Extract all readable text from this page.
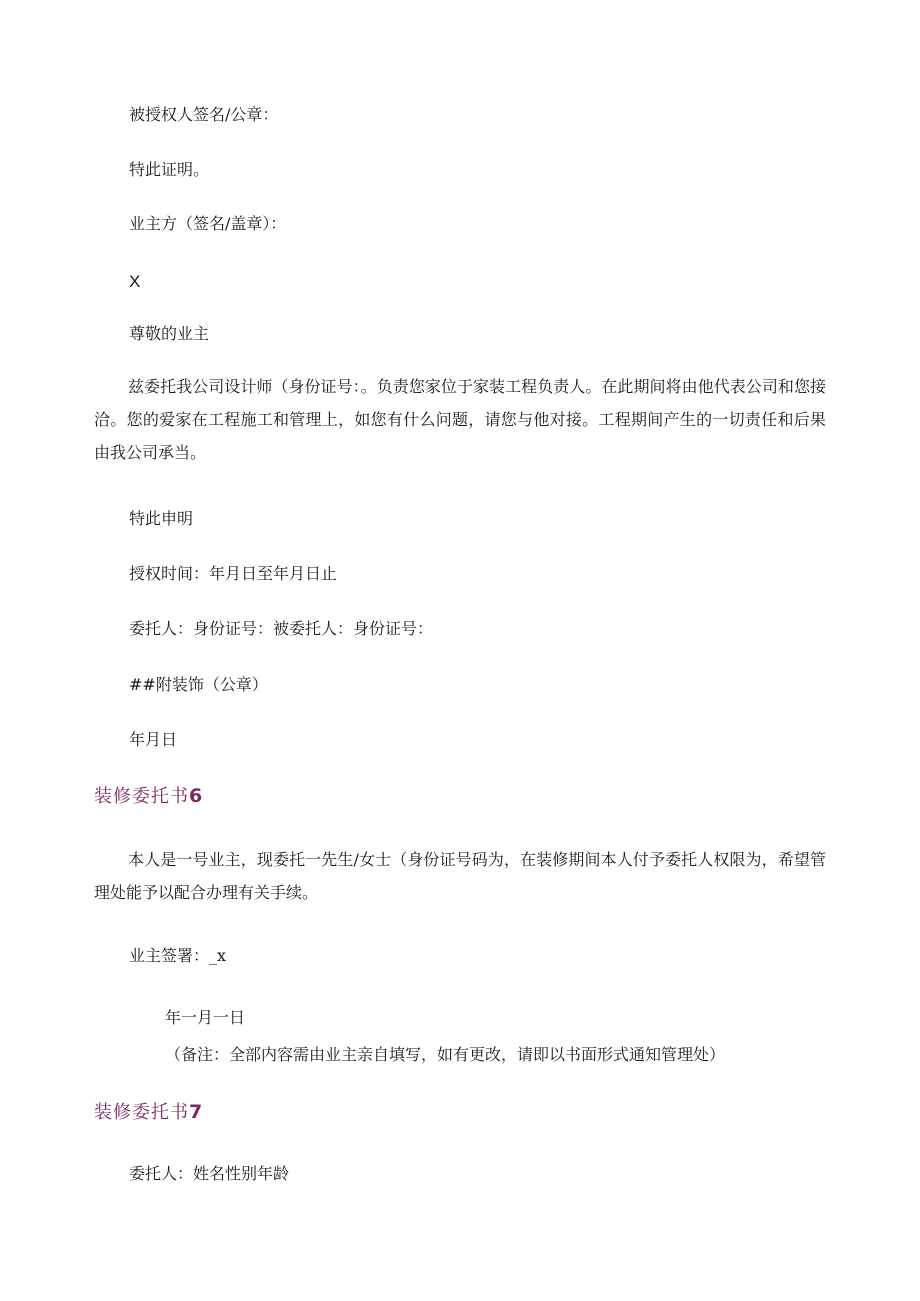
被授权人签名/公章：
特此证明。
业主方（签名/盖章）：
X
尊敬的业主
兹委托我公司设计师（身份证号：。负责您家位于家装工程负责人。在此期间将由他代表公司和您接洽。您的爱家在工程施工和管理上，如您有什么问题，请您与他对接。工程期间产生的一切责任和后果由我公司承当。
特此申明
授权时间：年月日至年月日止
委托人：身份证号：被委托人：身份证号：
##附装饰（公章）
年月日
装修委托书6
本人是一号业主，现委托一先生/女士（身份证号码为，在装修期间本人付予委托人权限为，希望管理处能予以配合办理有关手续。
业主签署：_x
年一月一日
（备注：全部内容需由业主亲自填写，如有更改，请即以书面形式通知管理处）
装修委托书7
委托人：姓名性别年龄
